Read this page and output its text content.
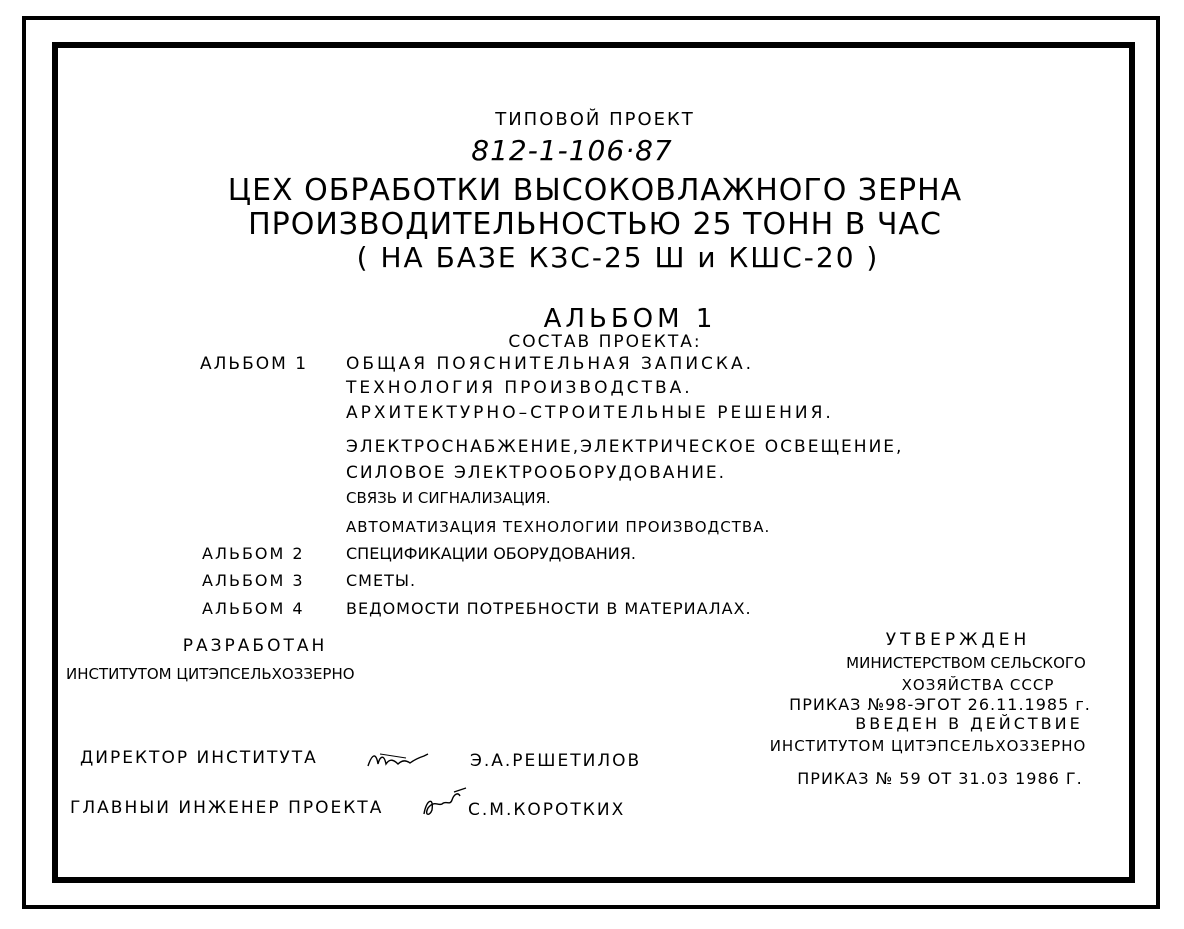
ТИПОВОЙ ПРОЕКТ
812-1-106·87
ЦЕХ ОБРАБОТКИ ВЫСОКОВЛАЖНОГО ЗЕРНА
ПРОИЗВОДИТЕЛЬНОСТЬЮ 25 ТОНН В ЧАС
( НА БАЗЕ КЗС-25 Ш и КШС-20 )
АЛЬБОМ 1
СОСТАВ ПРОЕКТА:
АЛЬБОМ 1 ОБЩАЯ ПОЯСНИТЕЛЬНАЯ ЗАПИСКА.
ТЕХНОЛОГИЯ ПРОИЗВОДСТВА.
АРХИТЕКТУРНО–СТРОИТЕЛЬНЫЕ РЕШЕНИЯ.
ЭЛЕКТРОСНАБЖЕНИЕ,ЭЛЕКТРИЧЕСКОЕ ОСВЕЩЕНИЕ,
СИЛОВОЕ ЭЛЕКТРООБОРУДОВАНИЕ.
СВЯЗЬ И СИГНАЛИЗАЦИЯ.
АВТОМАТИЗАЦИЯ ТЕХНОЛОГИИ ПРОИЗВОДСТВА.
АЛЬБОМ 2	СПЕЦИФИКАЦИИ ОБОРУДОВАНИЯ.
АЛЬБОМ 3	СМЕТЫ.
АЛЬБОМ 4	ВЕДОМОСТИ ПОТРЕБНОСТИ В МАТЕРИАЛАХ.
РАЗРАБОТАН
ИНСТИТУТОМ ЦИТЭПСЕЛЬХОЗЗЕРНО
УТВЕРЖДЕН
МИНИСТЕРСТВОМ СЕЛЬСКОГО
ХОЗЯЙСТВА СССР
ПРИКАЗ №98-ЭГОТ 26.11.1985 г.
ВВЕДЕН В ДЕЙСТВИЕ
ИНСТИТУТОМ ЦИТЭПСЕЛЬХОЗЗЕРНО
ПРИКАЗ № 59 ОТ 31.03 1986 Г.
ДИРЕКТОР ИНСТИТУТА	Э.А.РЕШЕТИЛОВ
ГЛАВНЫИ ИНЖЕНЕР ПРОЕКТА	С.М.КОРОТКИХ
